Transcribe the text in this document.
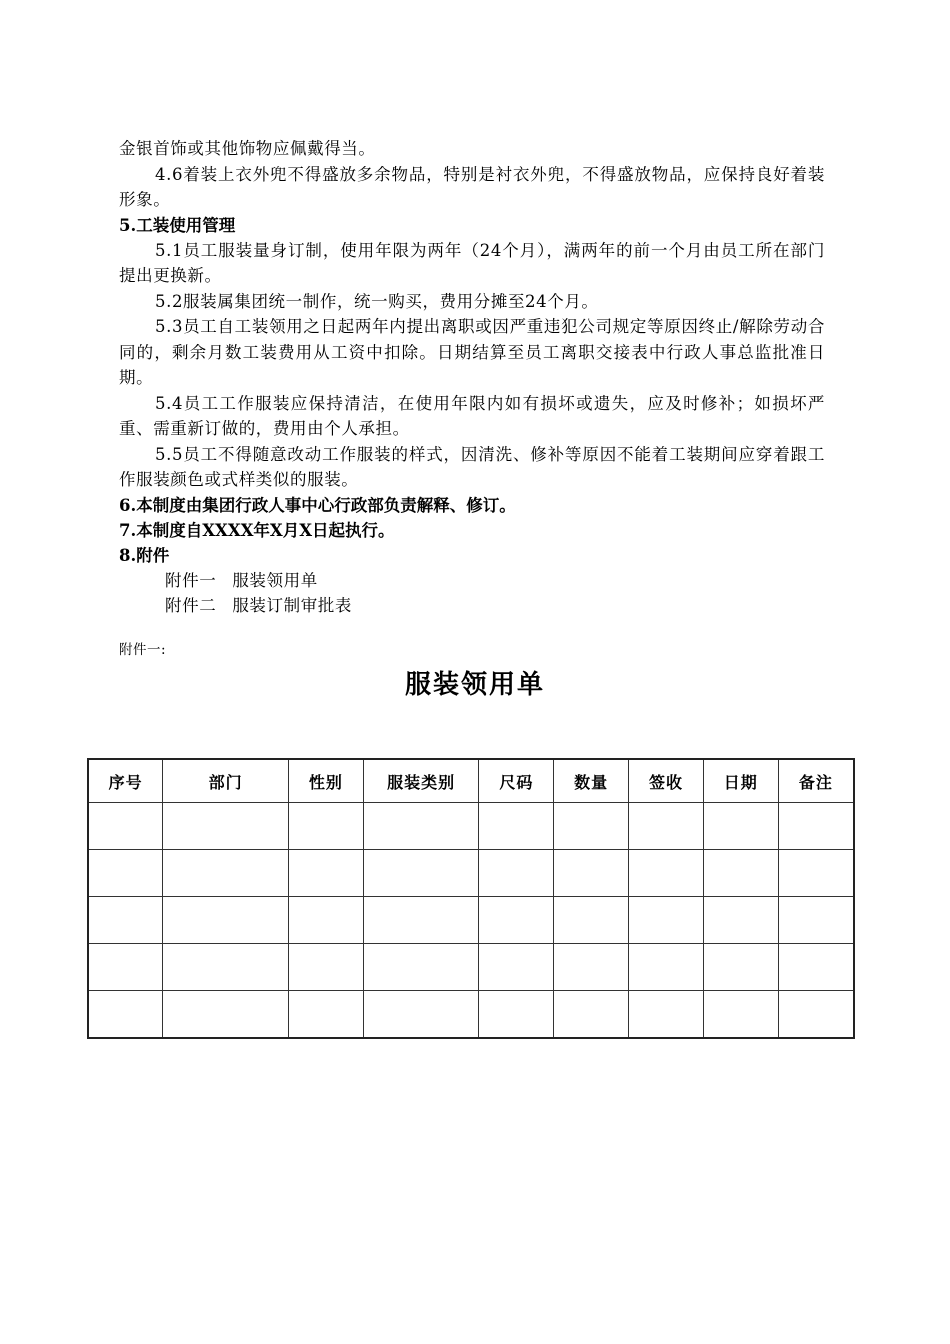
金银首饰或其他饰物应佩戴得当。

4.6着装上衣外兜不得盛放多余物品，特别是衬衣外兜，不得盛放物品，应保持良好着装形象。

5.工装使用管理

5.1员工服装量身订制，使用年限为两年（24个月），满两年的前一个月由员工所在部门提出更换新。

5.2服装属集团统一制作，统一购买，费用分摊至24个月。

5.3员工自工装领用之日起两年内提出离职或因严重违犯公司规定等原因终止/解除劳动合同的，剩余月数工装费用从工资中扣除。日期结算至员工离职交接表中行政人事总监批准日期。

5.4员工工作服装应保持清洁，在使用年限内如有损坏或遗失，应及时修补；如损坏严重、需重新订做的，费用由个人承担。

5.5员工不得随意改动工作服装的样式，因清洗、修补等原因不能着工装期间应穿着跟工作服装颜色或式样类似的服装。

6.本制度由集团行政人事中心行政部负责解释、修订。

7.本制度自XXXX年X月X日起执行。

8.附件

附件一 服装领用单

附件二 服装订制审批表

附件一:
服装领用单
序号	部门	性别	服装类别	尺码	数量	签收	日期	备注
